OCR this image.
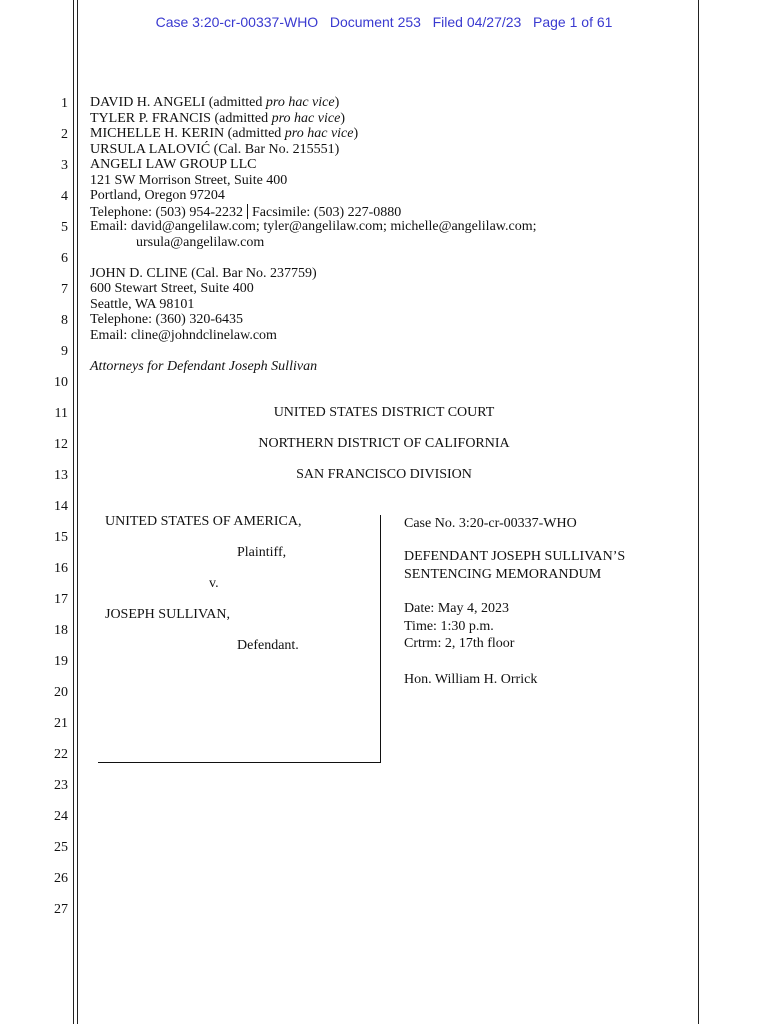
Case 3:20-cr-00337-WHO Document 253 Filed 04/27/23 Page 1 of 61
1
2
3
4
5
6
7
8
9
10
11
12
13
14
15
16
17
18
19
20
21
22
23
24
25
26
27
DAVID H. ANGELI (admitted pro hac vice)
TYLER P. FRANCIS (admitted pro hac vice)
MICHELLE H. KERIN (admitted pro hac vice)
URSULA LALOVIĆ (Cal. Bar No. 215551)
ANGELI LAW GROUP LLC
121 SW Morrison Street, Suite 400
Portland, Oregon 97204
Telephone: (503) 954-2232 Facsimile: (503) 227-0880
Email: david@angelilaw.com; tyler@angelilaw.com; michelle@angelilaw.com;
ursula@angelilaw.com
JOHN D. CLINE (Cal. Bar No. 237759)
600 Stewart Street, Suite 400
Seattle, WA 98101
Telephone: (360) 320-6435
Email: cline@johndclinelaw.com
Attorneys for Defendant Joseph Sullivan
UNITED STATES DISTRICT COURT
NORTHERN DISTRICT OF CALIFORNIA
SAN FRANCISCO DIVISION
UNITED STATES OF AMERICA,
Plaintiff,
v.
JOSEPH SULLIVAN,
Defendant.
Case No. 3:20-cr-00337-WHO
DEFENDANT JOSEPH SULLIVAN’S
SENTENCING MEMORANDUM
Date: May 4, 2023
Time: 1:30 p.m.
Crtrm: 2, 17th floor
Hon. William H. Orrick
